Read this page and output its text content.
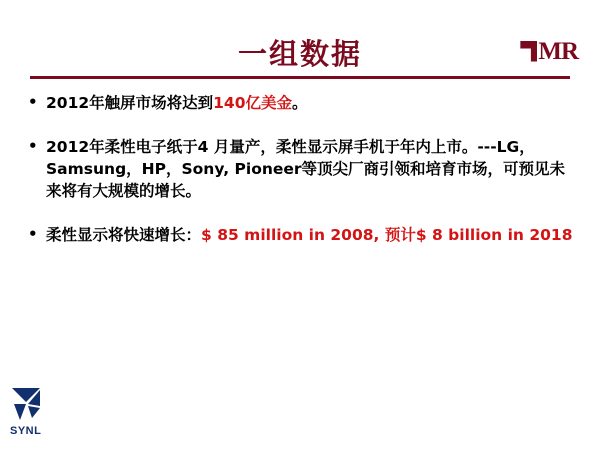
一组数据	MR
• 2012年触屏市场将达到140亿美金。
• 2012年柔性电子纸于4 月量产，柔性显示屏手机于年内上市。---LG，Samsung，HP，Sony, Pioneer等顶尖厂商引领和培育市场，可预见未来将有大规模的增长。
• 柔性显示将快速增长：$ 85 million in 2008, 预计$ 8 billion in 2018
SYNL
